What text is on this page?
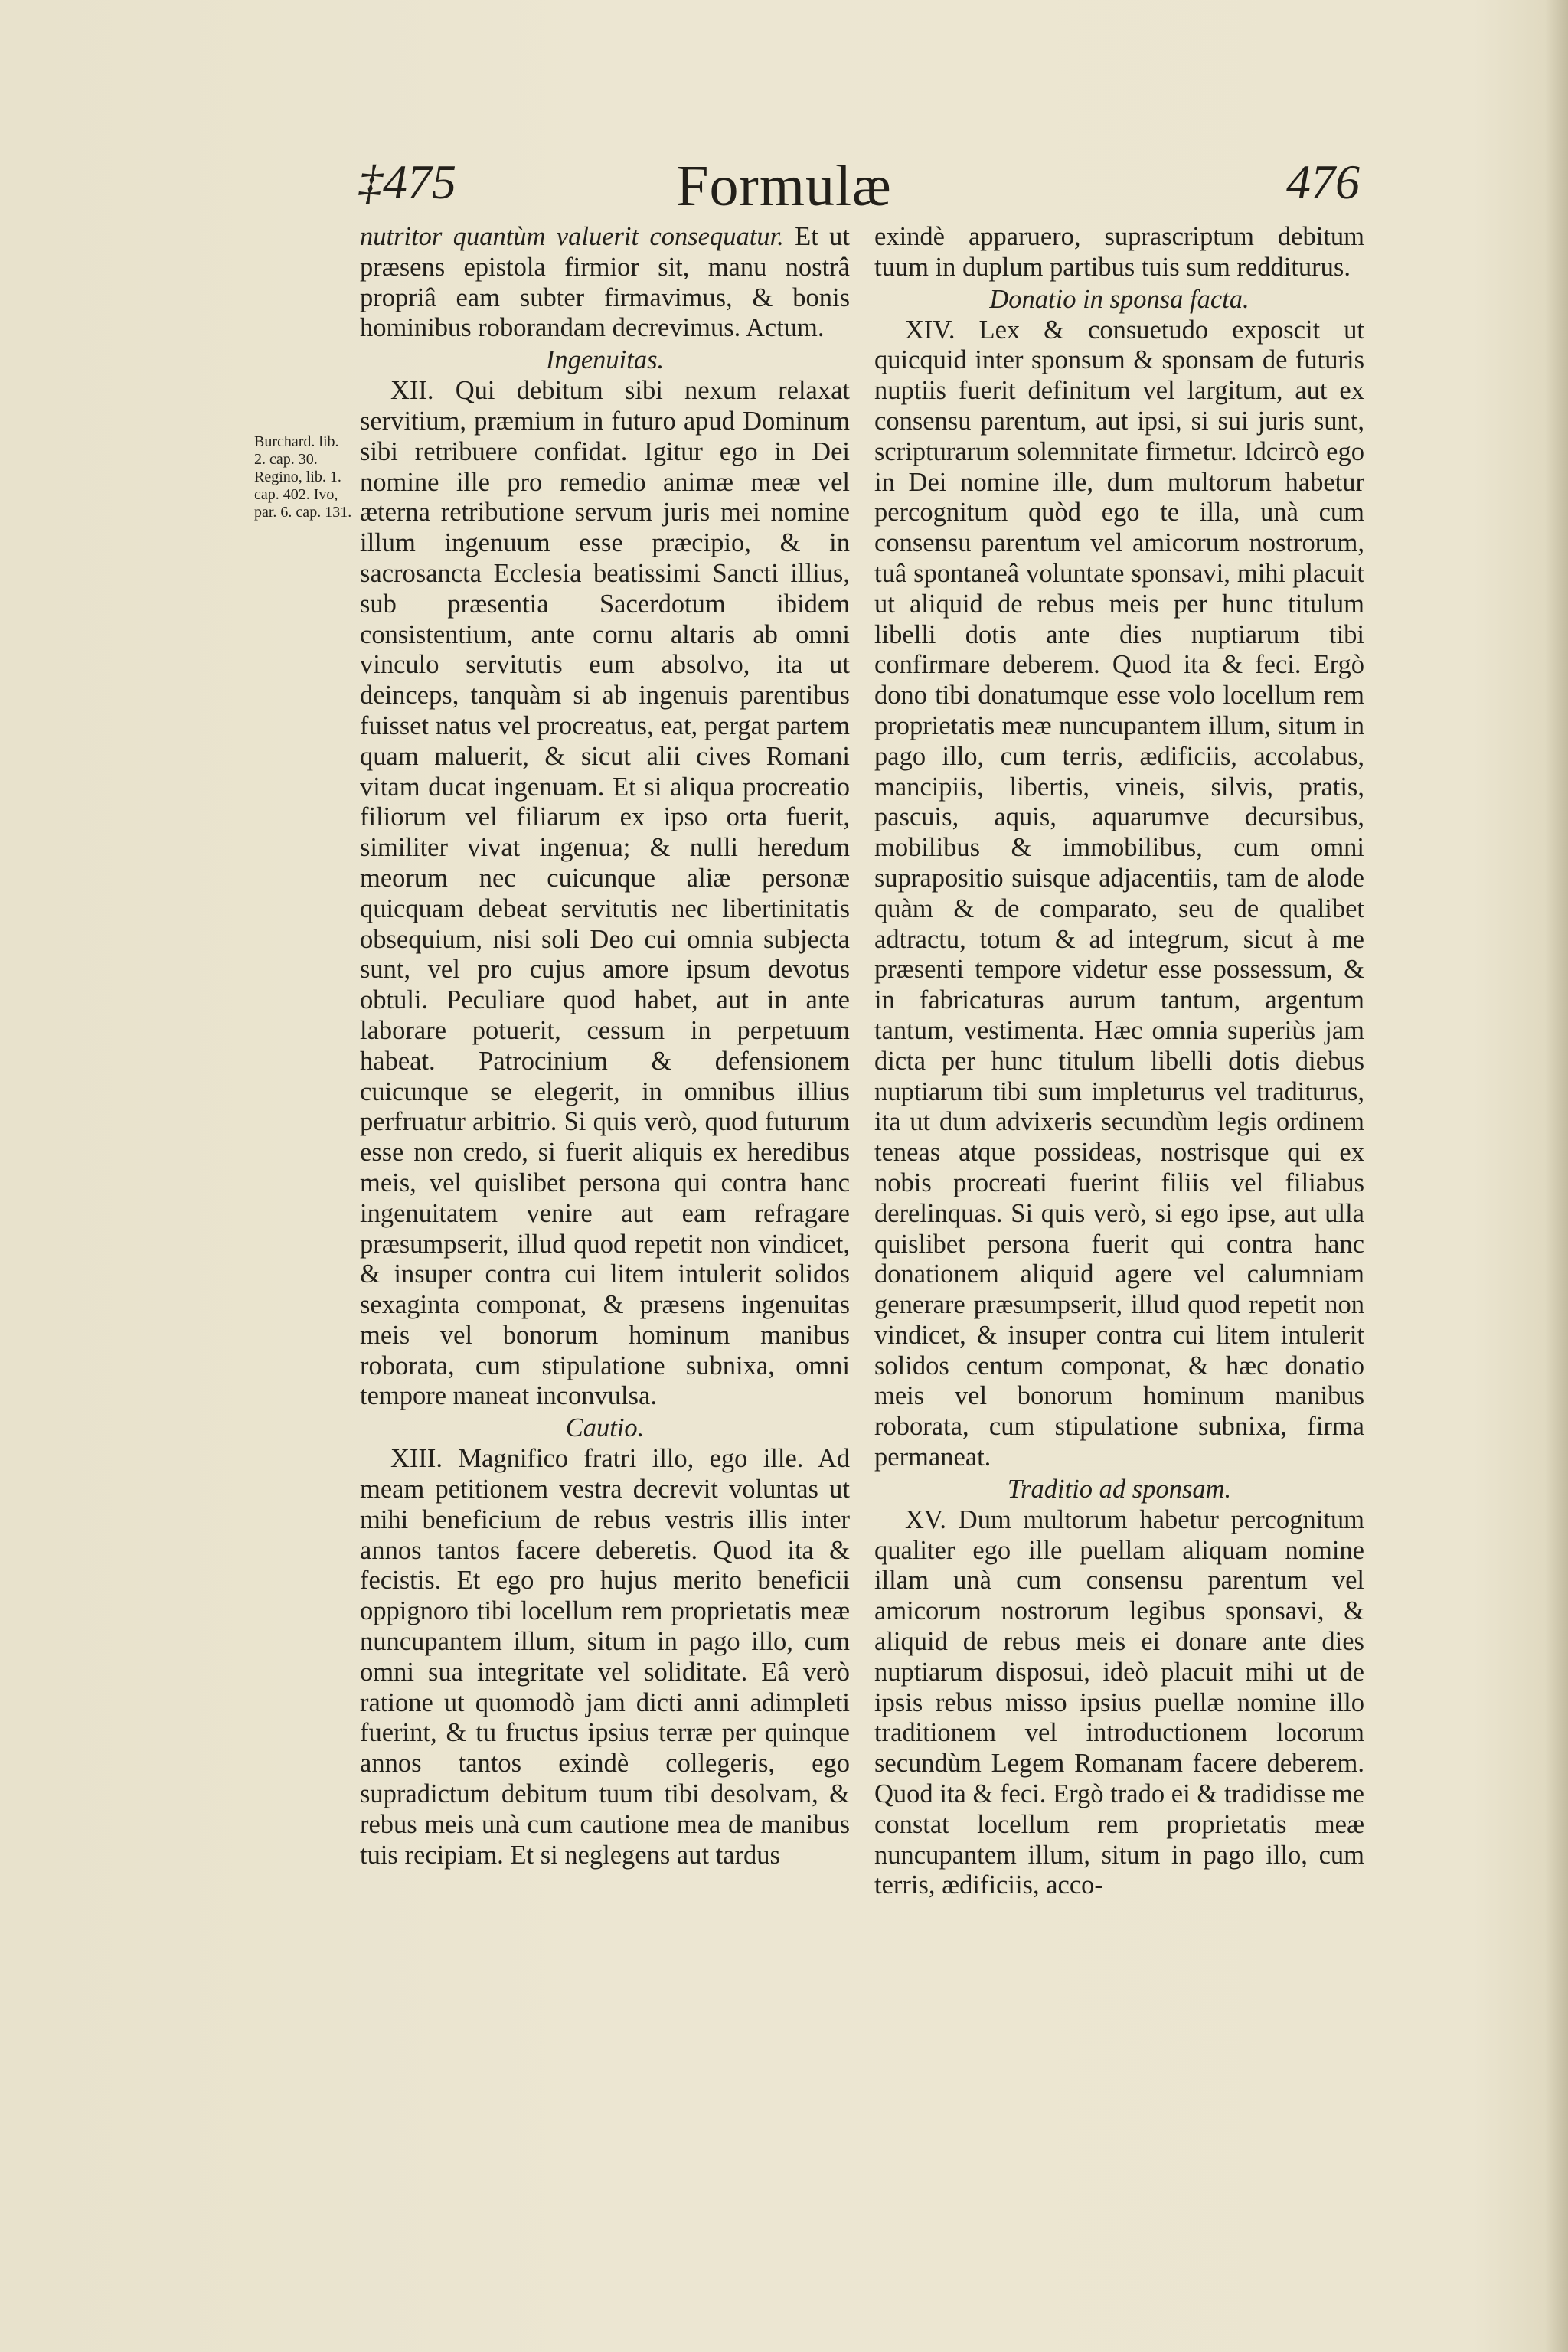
‡475	Formulæ	476
Burchard. lib. 2. cap. 30. Regino, lib. 1. cap. 402. Ivo, par. 6. cap. 131.

nutritor quantùm valuerit consequatur. Et ut præsens epistola firmior sit, manu nostrâ propriâ eam subter firmavimus, & bonis hominibus roborandam decrevimus. Actum.

Ingenuitas.

XII. Qui debitum sibi nexum relaxat servitium, præmium in futuro apud Dominum sibi retribuere confidat. Igitur ego in Dei nomine ille pro remedio animæ meæ vel æterna retributione servum juris mei nomine illum ingenuum esse præcipio, & in sacrosancta Ecclesia beatissimi Sancti illius, sub præsentia Sacerdotum ibidem consistentium, ante cornu altaris ab omni vinculo servitutis eum absolvo, ita ut deinceps, tanquàm si ab ingenuis parentibus fuisset natus vel procreatus, eat, pergat partem quam maluerit, & sicut alii cives Romani vitam ducat ingenuam. Et si aliqua procreatio filiorum vel filiarum ex ipso orta fuerit, similiter vivat ingenua; & nulli heredum meorum nec cuicunque aliæ personæ quicquam debeat servitutis nec libertinitatis obsequium, nisi soli Deo cui omnia subjecta sunt, vel pro cujus amore ipsum devotus obtuli. Peculiare quod habet, aut in ante laborare potuerit, cessum in perpetuum habeat. Patrocinium & defensionem cuicunque se elegerit, in omnibus illius perfruatur arbitrio. Si quis verò, quod futurum esse non credo, si fuerit aliquis ex heredibus meis, vel quislibet persona qui contra hanc ingenuitatem venire aut eam refragare præsumpserit, illud quod repetit non vindicet, & insuper contra cui litem intulerit solidos sexaginta componat, & præsens ingenuitas meis vel bonorum hominum manibus roborata, cum stipulatione subnixa, omni tempore maneat inconvulsa.

Cautio.

XIII. Magnifico fratri illo, ego ille. Ad meam petitionem vestra decrevit voluntas ut mihi beneficium de rebus vestris illis inter annos tantos facere deberetis. Quod ita & fecistis. Et ego pro hujus merito beneficii oppignoro tibi locellum rem proprietatis meæ nuncupantem illum, situm in pago illo, cum omni sua integritate vel soliditate. Eâ verò ratione ut quomodò jam dicti anni adimpleti fuerint, & tu fructus ipsius terræ per quinque annos tantos exindè collegeris, ego supradictum debitum tuum tibi desolvam, & rebus meis unà cum cautione mea de manibus tuis recipiam. Et si neglegens aut tardus

exindè apparuero, suprascriptum debitum tuum in duplum partibus tuis sum redditurus.

Donatio in sponsa facta.

XIV. Lex & consuetudo exposcit ut quicquid inter sponsum & sponsam de futuris nuptiis fuerit definitum vel largitum, aut ex consensu parentum, aut ipsi, si sui juris sunt, scripturarum solemnitate firmetur. Idcircò ego in Dei nomine ille, dum multorum habetur percognitum quòd ego te illa, unà cum consensu parentum vel amicorum nostrorum, tuâ spontaneâ voluntate sponsavi, mihi placuit ut aliquid de rebus meis per hunc titulum libelli dotis ante dies nuptiarum tibi confirmare deberem. Quod ita & feci. Ergò dono tibi donatumque esse volo locellum rem proprietatis meæ nuncupantem illum, situm in pago illo, cum terris, ædificiis, accolabus, mancipiis, libertis, vineis, silvis, pratis, pascuis, aquis, aquarumve decursibus, mobilibus & immobilibus, cum omni suprapositio suisque adjacentiis, tam de alode quàm & de comparato, seu de qualibet adtractu, totum & ad integrum, sicut à me præsenti tempore videtur esse possessum, & in fabricaturas aurum tantum, argentum tantum, vestimenta. Hæc omnia superiùs jam dicta per hunc titulum libelli dotis diebus nuptiarum tibi sum impleturus vel traditurus, ita ut dum advixeris secundùm legis ordinem teneas atque possideas, nostrisque qui ex nobis procreati fuerint filiis vel filiabus derelinquas. Si quis verò, si ego ipse, aut ulla quislibet persona fuerit qui contra hanc donationem aliquid agere vel calumniam generare præsumpserit, illud quod repetit non vindicet, & insuper contra cui litem intulerit solidos centum componat, & hæc donatio meis vel bonorum hominum manibus roborata, cum stipulatione subnixa, firma permaneat.

Traditio ad sponsam.

XV. Dum multorum habetur percognitum qualiter ego ille puellam aliquam nomine illam unà cum consensu parentum vel amicorum nostrorum legibus sponsavi, & aliquid de rebus meis ei donare ante dies nuptiarum disposui, ideò placuit mihi ut de ipsis rebus misso ipsius puellæ nomine illo traditionem vel introductionem locorum secundùm Legem Romanam facere deberem. Quod ita & feci. Ergò trado ei & tradidisse me constat locellum rem proprietatis meæ nuncupantem illum, situm in pago illo, cum terris, ædificiis, acco-
